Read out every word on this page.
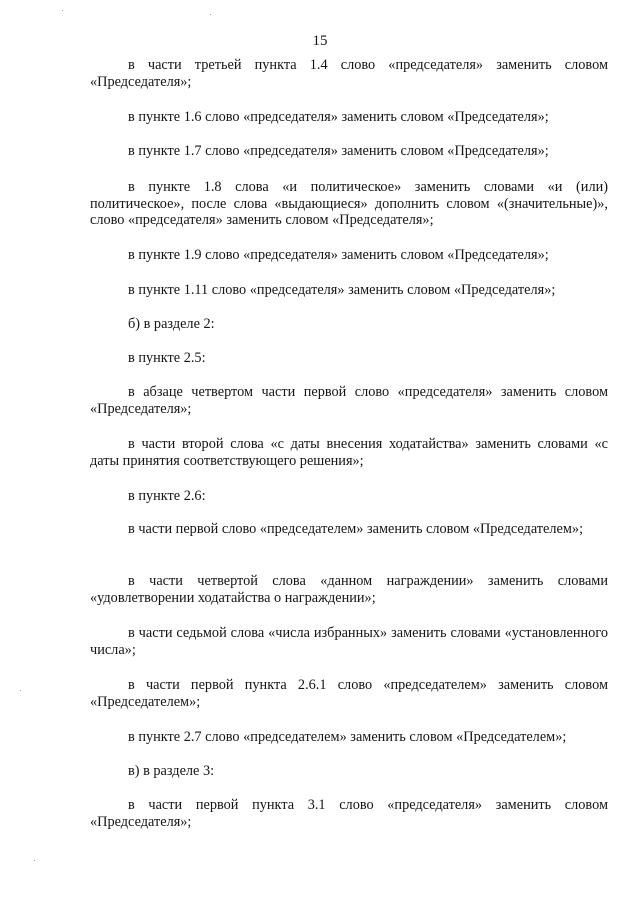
15

в части третьей пункта 1.4 слово «председателя» заменить словом «Председателя»;

в пункте 1.6 слово «председателя» заменить словом «Председателя»;

в пункте 1.7 слово «председателя» заменить словом «Председателя»;

в пункте 1.8 слова «и политическое» заменить словами «и (или) политическое», после слова «выдающиеся» дополнить словом «(значительные)», слово «председателя» заменить словом «Председателя»;

в пункте 1.9 слово «председателя» заменить словом «Председателя»;

в пункте 1.11 слово «председателя» заменить словом «Председателя»;

б) в разделе 2:

в пункте 2.5:

в абзаце четвертом части первой слово «председателя» заменить словом «Председателя»;

в части второй слова «с даты внесения ходатайства» заменить словами «с даты принятия соответствующего решения»;

в пункте 2.6:

в части первой слово «председателем» заменить словом «Председателем»;

в части четвертой слова «данном награждении» заменить словами «удовлетворении ходатайства о награждении»;

в части седьмой слова «числа избранных» заменить словами «установленного числа»;

в части первой пункта 2.6.1 слово «председателем» заменить словом «Председателем»;

в пункте 2.7 слово «председателем» заменить словом «Председателем»;

в) в разделе 3:

в части первой пункта 3.1 слово «председателя» заменить словом «Председателя»;
